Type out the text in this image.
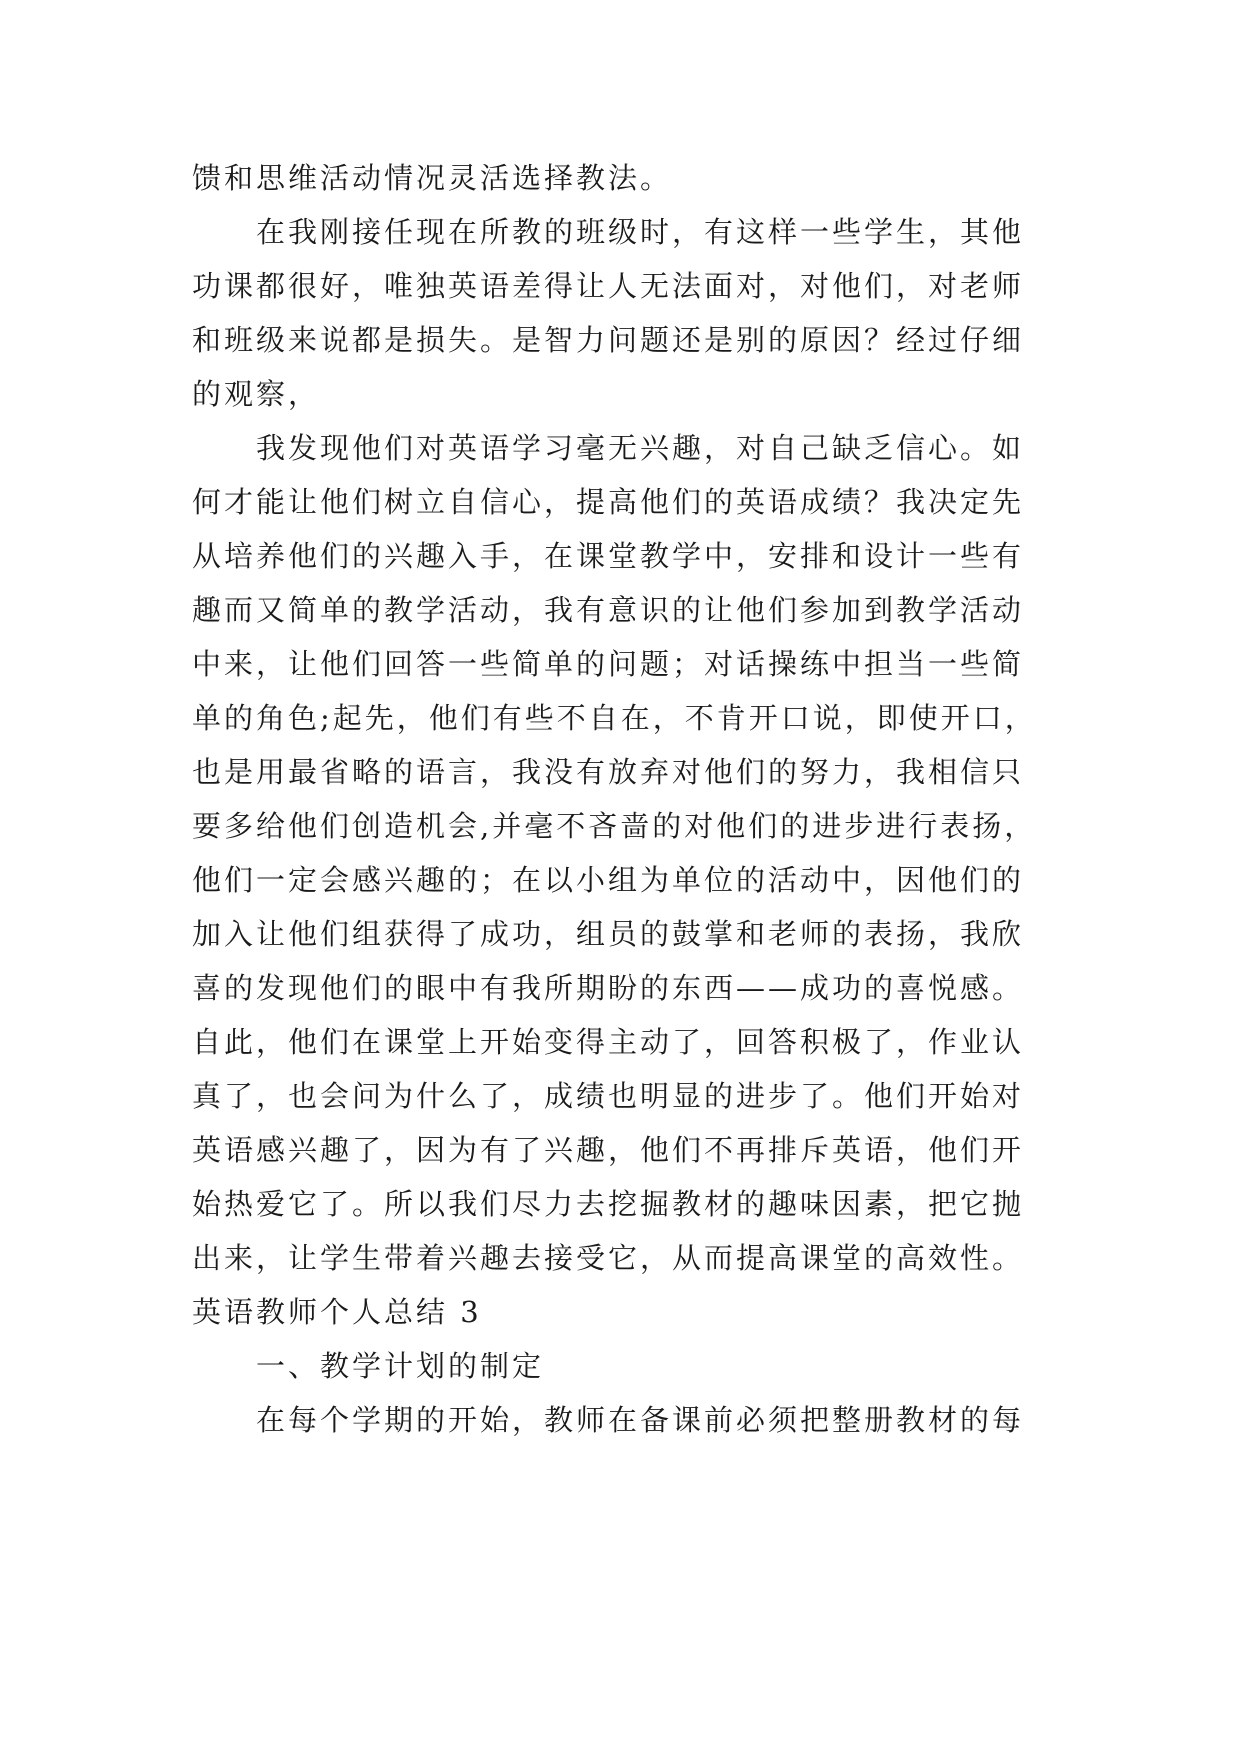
馈和思维活动情况灵活选择教法。
在我刚接任现在所教的班级时，有这样一些学生，其他
功课都很好，唯独英语差得让人无法面对，对他们，对老师
和班级来说都是损失。是智力问题还是别的原因？经过仔细
的观察，
我发现他们对英语学习毫无兴趣，对自己缺乏信心。如
何才能让他们树立自信心，提高他们的英语成绩？我决定先
从培养他们的兴趣入手，在课堂教学中，安排和设计一些有
趣而又简单的教学活动，我有意识的让他们参加到教学活动
中来，让他们回答一些简单的问题；对话操练中担当一些简
单的角色;起先，他们有些不自在，不肯开口说，即使开口，
也是用最省略的语言，我没有放弃对他们的努力，我相信只
要多给他们创造机会,并毫不吝啬的对他们的进步进行表扬，
他们一定会感兴趣的；在以小组为单位的活动中，因他们的
加入让他们组获得了成功，组员的鼓掌和老师的表扬，我欣
喜的发现他们的眼中有我所期盼的东西——成功的喜悦感。
自此，他们在课堂上开始变得主动了，回答积极了，作业认
真了，也会问为什么了，成绩也明显的进步了。他们开始对
英语感兴趣了，因为有了兴趣，他们不再排斥英语，他们开
始热爱它了。所以我们尽力去挖掘教材的趣味因素，把它抛
出来，让学生带着兴趣去接受它，从而提高课堂的高效性。
英语教师个人总结 3
一、教学计划的制定
在每个学期的开始，教师在备课前必须把整册教材的每
